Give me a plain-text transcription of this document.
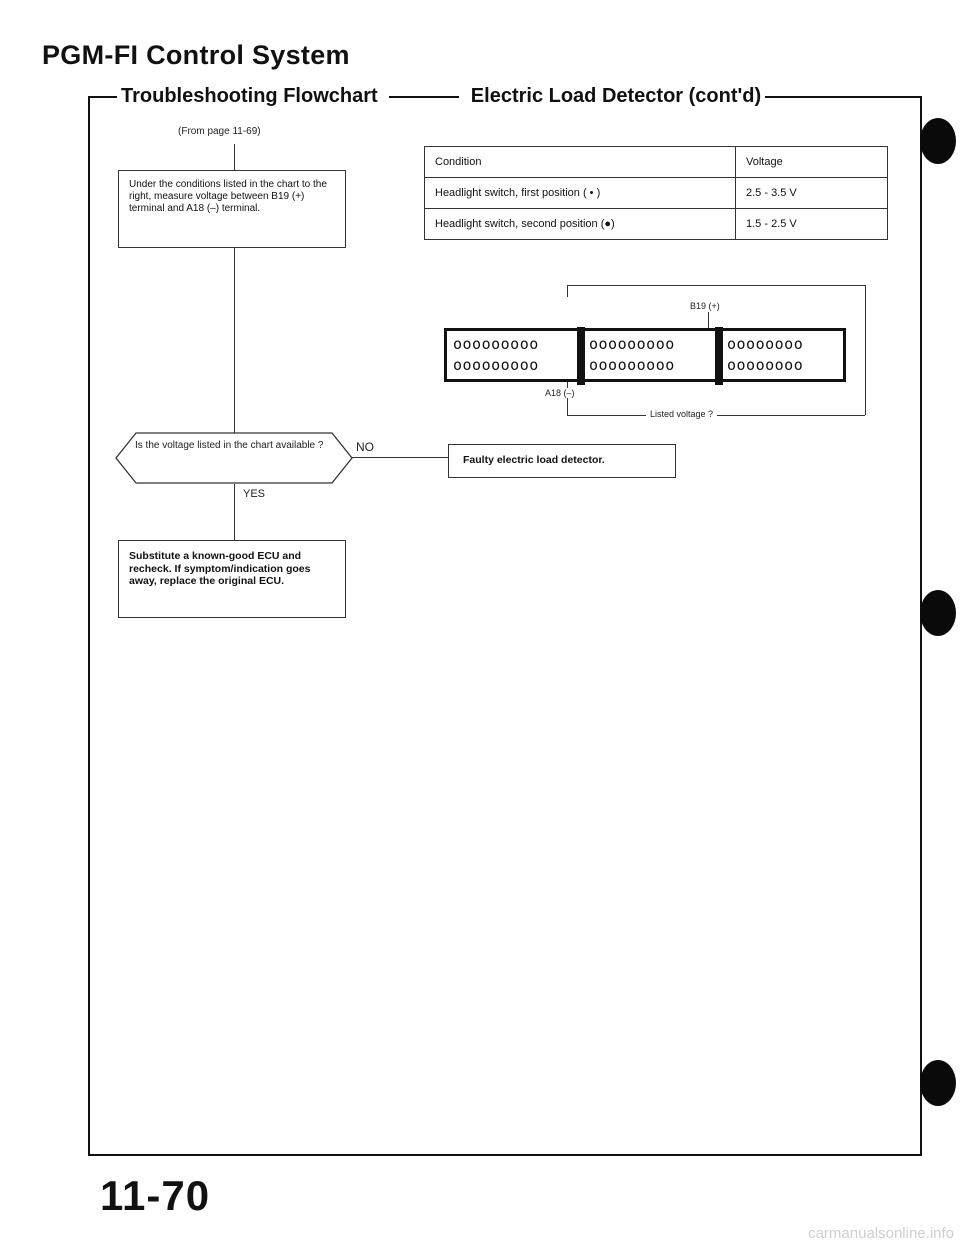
PGM-FI Control System
Troubleshooting Flowchart	Electric Load Detector (cont'd)
(From page 11-69)
Under the conditions listed in the chart to the right, measure voltage between B19 (+) terminal and A18 (–) terminal.
Is the voltage listed in the chart available ?	NO
Faulty electric load detector.
YES
Substitute a known-good ECU and recheck. If symptom/indication goes away, replace the original ECU.
Condition	Voltage
Headlight switch, first position ( • )	2.5 - 3.5 V
Headlight switch, second position (●)	1.5 - 2.5 V
B19 (+)
ooooooooo
ooooooooo
ooooooooo
ooooooooo
oooooooo
oooooooo
A18 (–)
Listed voltage ?
11-70
carmanualsonline.info
